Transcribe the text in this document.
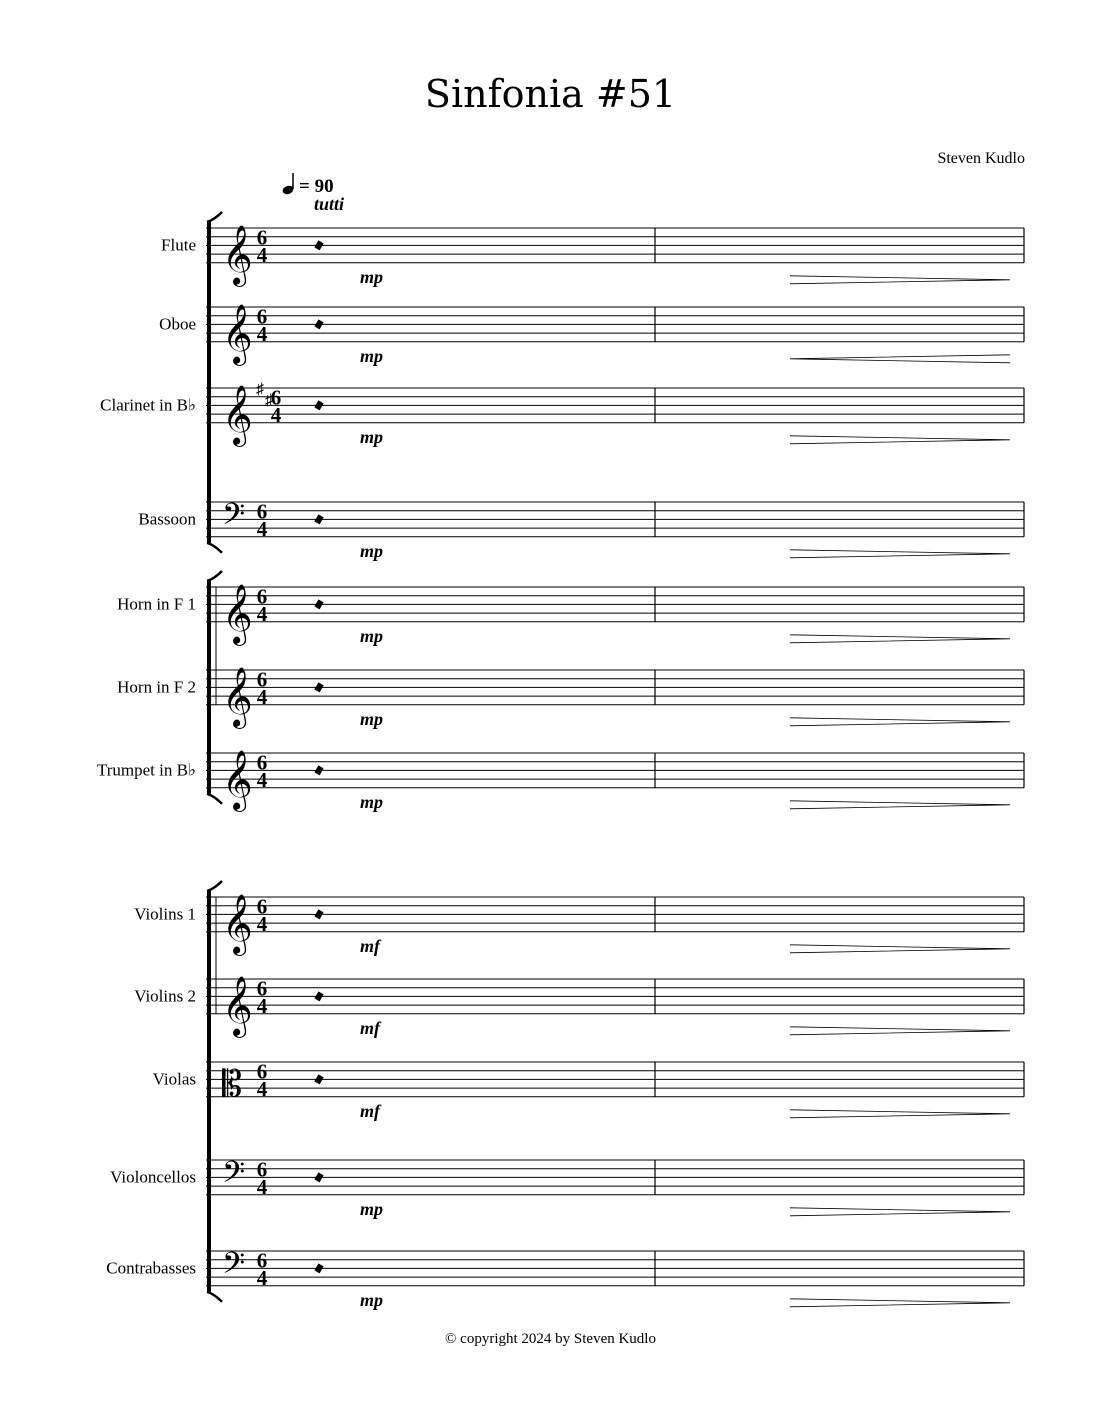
Sinfonia #51
Steven Kudlo
= 90
tutti
Flute
Oboe
Clarinet in B♭
Bassoon
Horn in F 1
Horn in F 2
Trumpet in B♭
Violins 1
Violins 2
Violas
Violoncellos
Contrabasses
𝄞 6
4
mp
𝄞 6
4
mp
𝄞 ♯
♯
6
4
mp
𝄢 6
4
mp
𝄞 6
4
mp
𝄞 6
4
mp
𝄞 6
4
mp
𝄞 6
4
mf
𝄞 6
4
mf
𝄡 6
4
mf
𝄢 6
4
mp
𝄢 6
4
mp
© copyright 2024 by Steven Kudlo
